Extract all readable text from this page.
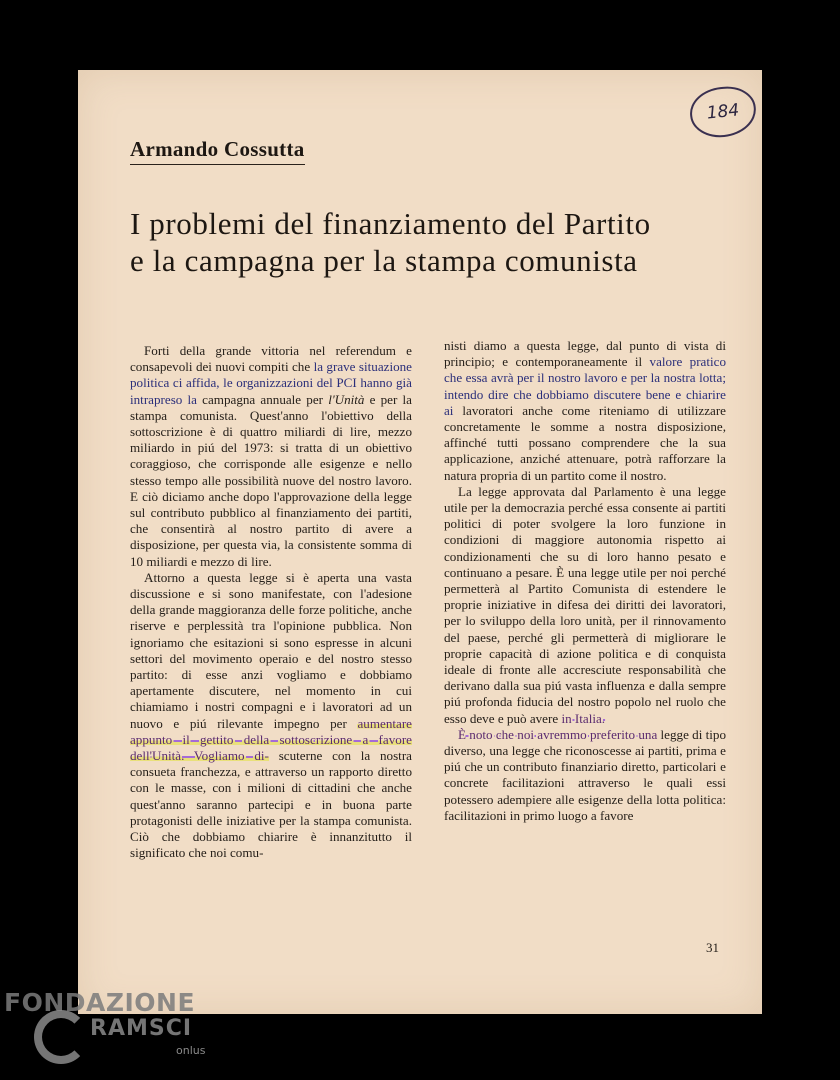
184
Armando Cossutta
I problemi del finanziamento del Partito
e la campagna per la stampa comunista

Forti della grande vittoria nel referendum e consapevoli dei nuovi compiti che la grave situazione politica ci affida, le organizzazioni del PCI hanno già intrapreso la campagna annuale per l'Unità e per la stampa comunista. Quest'anno l'obiettivo della sottoscrizione è di quattro miliardi di lire, mezzo miliardo in piú del 1973: si tratta di un obiettivo coraggioso, che corrisponde alle esigenze e nello stesso tempo alle possibilità nuove del nostro lavoro. E ciò diciamo anche dopo l'approvazione della legge sul contributo pubblico al finanziamento dei partiti, che consentirà al nostro partito di avere a disposizione, per questa via, la consistente somma di 10 miliardi e mezzo di lire.

Attorno a questa legge si è aperta una vasta discussione e si sono manifestate, con l'adesione della grande maggioranza delle forze politiche, anche riserve e perplessità tra l'opinione pubblica. Non ignoriamo che esitazioni si sono espresse in alcuni settori del movimento operaio e del nostro stesso partito: di esse anzi vogliamo e dobbiamo apertamente discutere, nel momento in cui chiamiamo i nostri compagni e i lavoratori ad un nuovo e piú rilevante impegno per aumentare appunto il gettito della sottoscrizione a favore dell'Unità. Vogliamo di- scuterne con la nostra consueta franchezza, e attraverso un rapporto diretto con le masse, con i milioni di cittadini che anche quest'anno saranno partecipi e in buona parte protagonisti delle iniziative per la stampa comunista. Ciò che dobbiamo chiarire è innanzitutto il significato che noi comu-

nisti diamo a questa legge, dal punto di vista di principio; e contemporaneamente il valore pratico che essa avrà per il nostro lavoro e per la nostra lotta; intendo dire che dobbiamo discutere bene e chiarire ai lavoratori anche come riteniamo di utilizzare concretamente le somme a nostra disposizione, affinché tutti possano comprendere che la sua applicazione, anziché attenuare, potrà rafforzare la natura propria di un partito come il nostro.

La legge approvata dal Parlamento è una legge utile per la democrazia perché essa consente ai partiti politici di poter svolgere la loro funzione in condizioni di maggiore autonomia rispetto ai condizionamenti che su di loro hanno pesato e continuano a pesare. È una legge utile per noi perché permetterà al Partito Comunista di estendere le proprie iniziative in difesa dei diritti dei lavoratori, per lo sviluppo della loro unità, per il rinnovamento del paese, perché gli permetterà di migliorare le proprie capacità di azione politica e di conquista ideale di fronte alle accresciute responsabilità che derivano dalla sua piú vasta influenza e dalla sempre piú profonda fiducia del nostro popolo nel ruolo che esso deve e può avere in Italia.

È noto che noi avremmo preferito una legge di tipo diverso, una legge che riconoscesse ai partiti, prima e piú che un contributo finanziario diretto, particolari e concrete facilitazioni attraverso le quali essi potessero adempiere alle esigenze della lotta politica: facilitazioni in primo luogo a favore

31
FONDAZIONE
RAMSCI
onlus
